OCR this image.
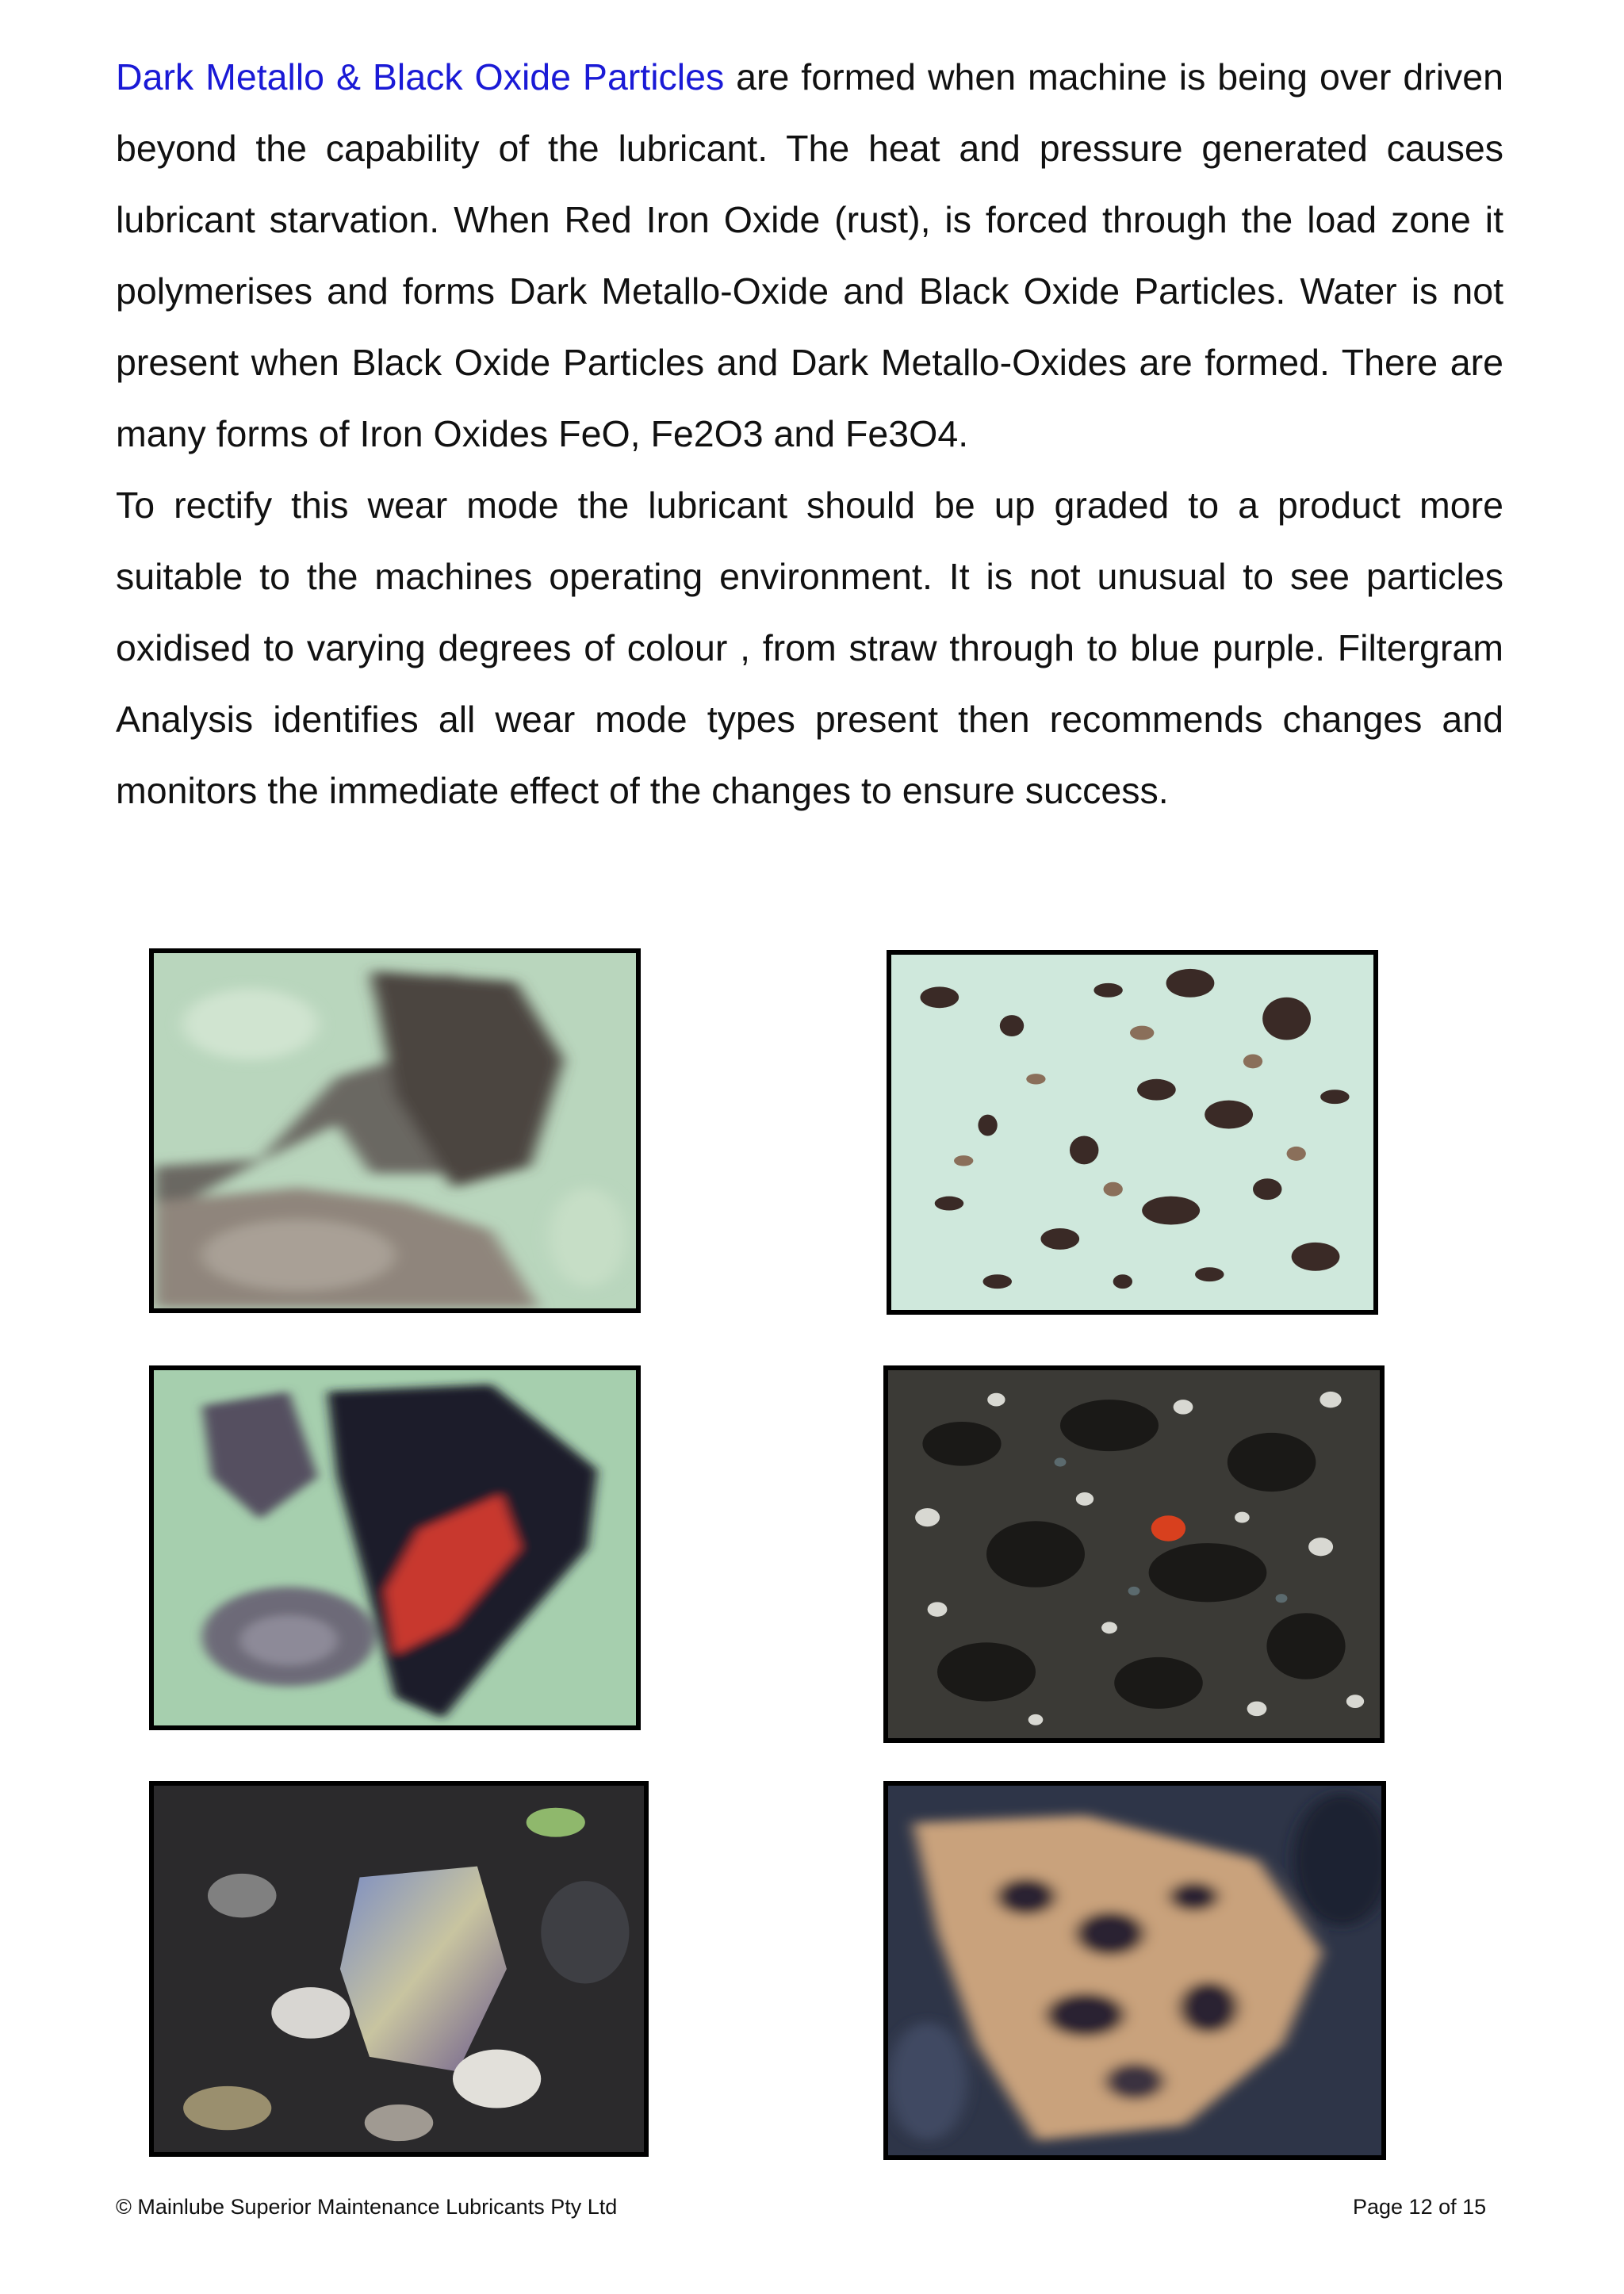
Dark Metallo & Black Oxide Particles are formed when machine is being over driven beyond the capability of the lubricant. The heat and pressure generated causes lubricant starvation. When Red Iron Oxide (rust), is forced through the load zone it polymerises and forms Dark Metallo-Oxide and Black Oxide Particles. Water is not present when Black Oxide Particles and Dark Metallo-Oxides are formed. There are many forms of Iron Oxides FeO, Fe2O3 and Fe3O4.

To rectify this wear mode the lubricant should be up graded to a product more suitable to the machines operating environment. It is not unusual to see particles oxidised to varying degrees of colour , from straw through to blue purple. Filtergram Analysis identifies all wear mode types present then recommends changes and monitors the immediate effect of the changes to ensure success.

© Mainlube Superior Maintenance Lubricants Pty Ltd	Page 12 of 15
